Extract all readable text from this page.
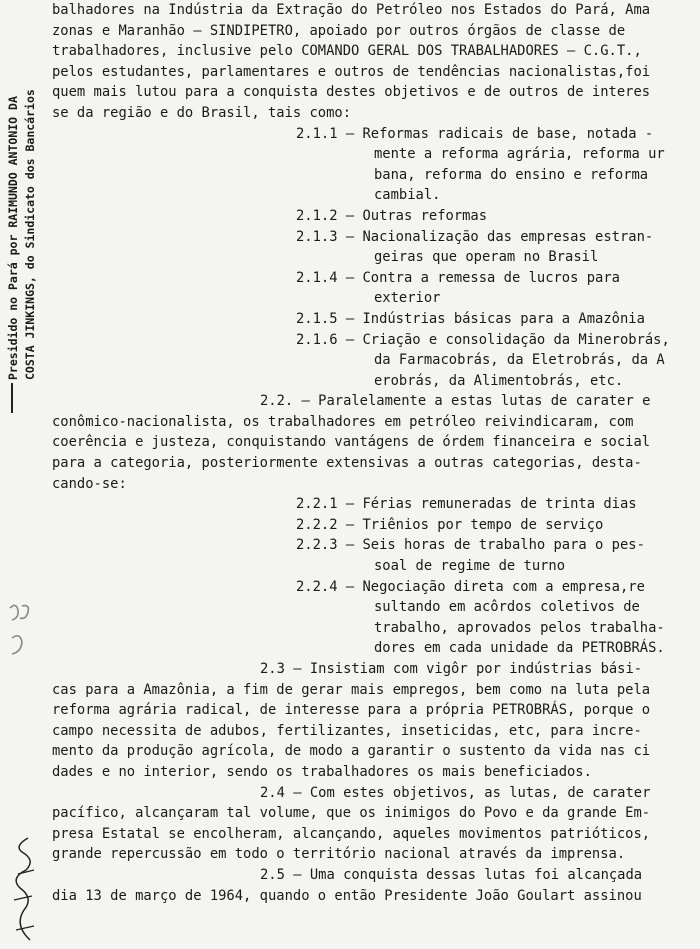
Presidido no Pará por RAIMUNDO ANTONIO DA COSTA JINKINGS, do Sindicato dos Bancários
balhadores na Indústria da Extração do Petróleo nos Estados do Pará, Ama
zonas e Maranhão — SINDIPETRO, apoiado por outros órgãos de classe de
trabalhadores, inclusive pelo COMANDO GERAL DOS TRABALHADORES — C.G.T.,
pelos estudantes, parlamentares e outros de tendências nacionalistas,foi
quem mais lutou para a conquista destes objetivos e de outros de interes
se da região e do Brasil, tais como:
2.1.1 — Reformas radicais de base, notada -
mente a reforma agrária, reforma ur
bana, reforma do ensino e reforma
cambial.
2.1.2 — Outras reformas
2.1.3 — Nacionalização das empresas estran-
geiras que operam no Brasil
2.1.4 — Contra a remessa de lucros para
exterior
2.1.5 — Indústrias básicas para a Amazônia
2.1.6 — Criação e consolidação da Minerobrás,
da Farmacobrás, da Eletrobrás, da A
erobrás, da Alimentobrás, etc.
2.2. — Paralelamente a estas lutas de carater e
conômico-nacionalista, os trabalhadores em petróleo reivindicaram, com
coerência e justeza, conquistando vantágens de órdem financeira e social
para a categoria, posteriormente extensivas a outras categorias, desta-
cando-se:
2.2.1 — Férias remuneradas de trinta dias
2.2.2 — Triênios por tempo de serviço
2.2.3 — Seis horas de trabalho para o pes-
soal de regime de turno
2.2.4 — Negociação direta com a empresa,re
sultando em acôrdos coletivos de
trabalho, aprovados pelos trabalha-
dores em cada unidade da PETROBRÁS.
2.3 — Insistiam com vigôr por indústrias bási-
cas para a Amazônia, a fim de gerar mais empregos, bem como na luta pela
reforma agrária radical, de interesse para a própria PETROBRÁS, porque o
campo necessita de adubos, fertilizantes, inseticidas, etc, para incre-
mento da produção agrícola, de modo a garantir o sustento da vida nas ci
dades e no interior, sendo os trabalhadores os mais beneficiados.
2.4 — Com estes objetivos, as lutas, de carater
pacífico, alcançaram tal volume, que os inimigos do Povo e da grande Em-
presa Estatal se encolheram, alcançando, aqueles movimentos patrióticos,
grande repercussão em todo o território nacional através da imprensa.
2.5 — Uma conquista dessas lutas foi alcançada
dia 13 de março de 1964, quando o então Presidente João Goulart assinou
